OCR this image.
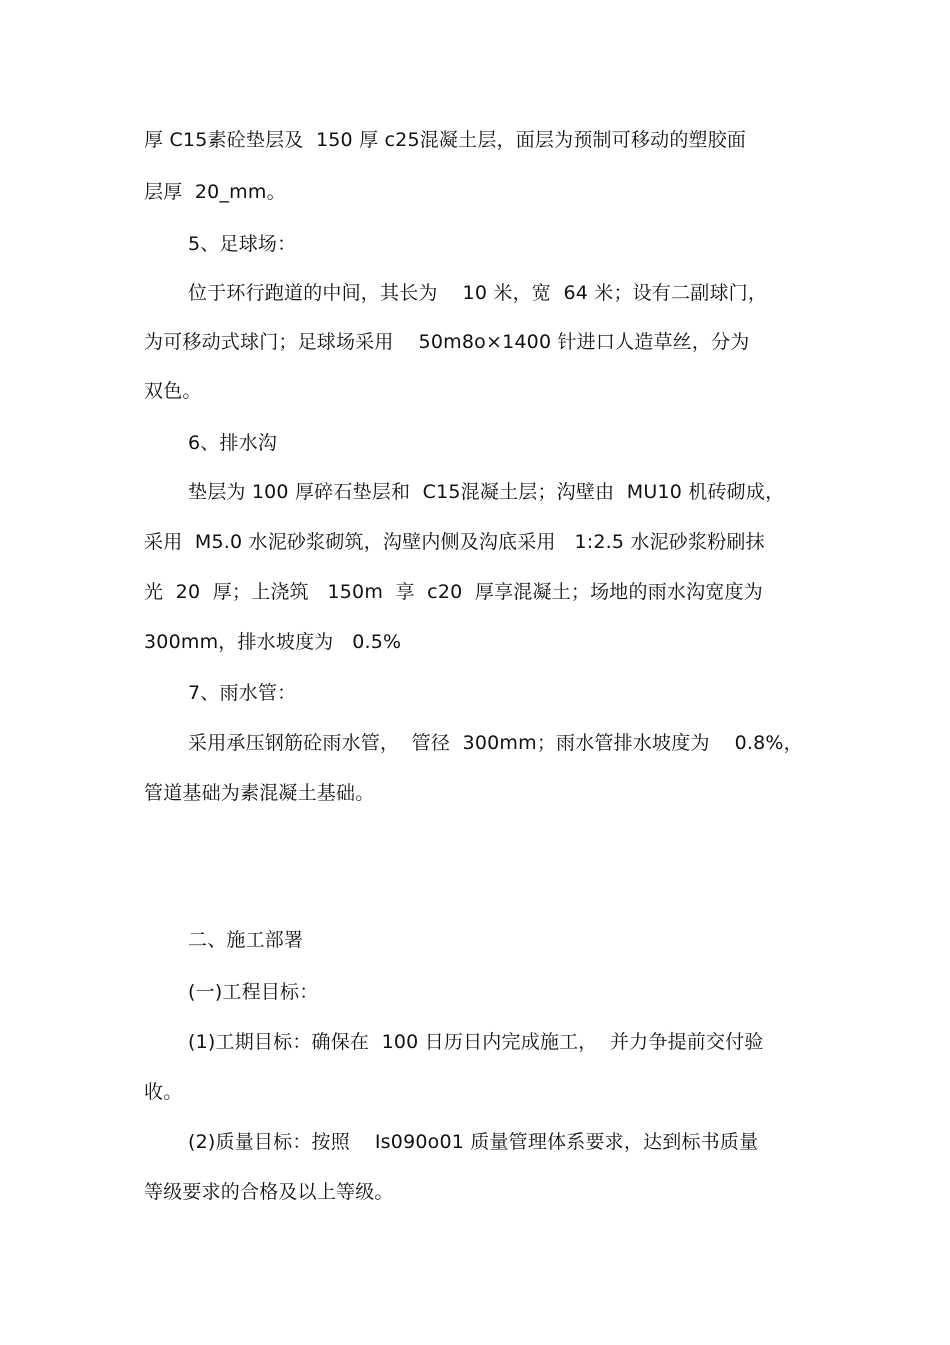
厚 C15素砼垫层及  150 厚 c25混凝土层，面层为预制可移动的塑胶面
层厚  20_mm。
5、足球场：
位于环行跑道的中间，其长为    10 米，宽  64 米；设有二副球门，
为可移动式球门；足球场采用    50m8o×1400 针进口人造草丝，分为
双色。
6、排水沟
垫层为 100 厚碎石垫层和  C15混凝土层；沟壁由  MU10 机砖砌成，
采用  M5.0 水泥砂浆砌筑，沟壁内侧及沟底采用   1:2.5 水泥砂浆粉刷抹
光  20  厚；上浇筑   150m  享  c20  厚享混凝土；场地的雨水沟宽度为
300mm，排水坡度为   0.5%
7、雨水管：
采用承压钢筋砼雨水管，  管径  300mm；雨水管排水坡度为    0.8%，
管道基础为素混凝土基础。
二、施工部署
(一)工程目标：
(1)工期目标：确保在  100 日历日内完成施工，  并力争提前交付验
收。
(2)质量目标：按照    Is090o01 质量管理体系要求，达到标书质量
等级要求的合格及以上等级。
